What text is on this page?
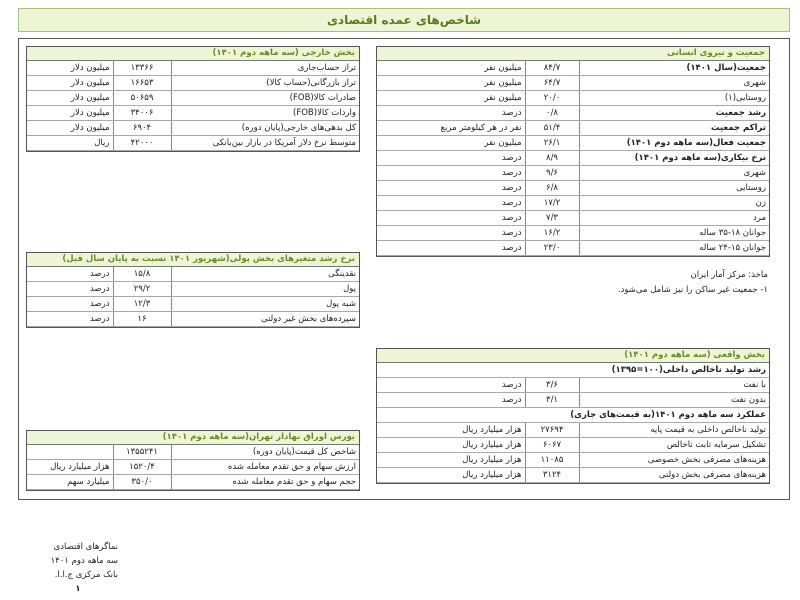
شاخص‌های عمده اقتصادی
جمعیت و نیروی انسانی
جمعیت(سال ۱۴۰۱)	۸۴/۷	میلیون نفر
شهری	۶۴/۷	میلیون نفر
روستایی(۱)	۲۰/۰	میلیون نفر
رشد جمعیت	۰/۸	درصد
تراکم جمعیت	۵۱/۴	نفر در هر کیلومتر مربع
جمعیت فعال(سه ماهه دوم ۱۴۰۱)	۲۶/۱	میلیون نفر
نرخ بیکاری(سه ماهه دوم ۱۴۰۱)	۸/۹	درصد
شهری	۹/۶	درصد
روستایی	۶/۸	درصد
زن	۱۷/۲	درصد
مرد	۷/۳	درصد
جوانان ۱۸-۳۵ ساله	۱۶/۲	درصد
جوانان ۱۵-۲۴ ساله	۲۳/۰	درصد
ماخذ: مرکز آمار ایران
۱- جمعیت غیر ساکن را نیز شامل می‌شود.
بخش خارجی (سه ماهه دوم ۱۴۰۱)
تراز حساب‌جاری	۱۳۳۶۶	میلیون دلار
تراز بازرگانی(حساب کالا)	۱۶۶۵۳	میلیون دلار
صادرات کالا(FOB)	۵۰۶۵۹	میلیون دلار
واردات کالا(FOB)	۳۴۰۰۶	میلیون دلار
کل بدهی‌های خارجی(پایان دوره)	۶۹۰۴	میلیون دلار
متوسط نرخ دلار آمریکا در بازار بین‌بانکی	۴۲۰۰۰	ریال
نرخ رشد متغیرهای بخش پولی(شهریور ۱۴۰۱ نسبت به پایان سال قبل)
نقدینگی	۱۵/۸	درصد
پول	۲۹/۲	درصد
شبه پول	۱۲/۳	درصد
سپرده‌های بخش غیر دولتی	۱۶	درصد
بخش واقعی (سه ماهه دوم ۱۴۰۱)
رشد تولید ناخالص داخلی(۱۰۰=۱۳۹۵)		
با نفت	۳/۶	درصد
بدون نفت	۳/۱	درصد
عملکرد سه ماهه دوم ۱۴۰۱(به قیمت‌های جاری)		
تولید ناخالص داخلی به قیمت پایه	۲۷۶۹۴	هزار میلیارد ریال
تشکیل سرمایه ثابت ناخالص	۶۰۶۷	هزار میلیارد ریال
هزینه‌های مصرفی بخش خصوصی	۱۱۰۸۵	هزار میلیارد ریال
هزینه‌های مصرفی بخش دولتی	۳۱۲۴	هزار میلیارد ریال
بورس اوراق بهادار تهران(سه ماهه دوم ۱۴۰۱)
شاخص کل قیمت(پایان دوره)	۱۳۵۵۲۴۱	
ارزش سهام و حق تقدم معامله شده	۱۵۲۰/۴	هزار میلیارد ریال
حجم سهام و حق تقدم معامله شده	۳۵۰/۰	میلیارد سهم
نماگرهای اقتصادی
سه ماهه دوم ۱۴۰۱
بانک مرکزی ج.ا.ا.
۱
